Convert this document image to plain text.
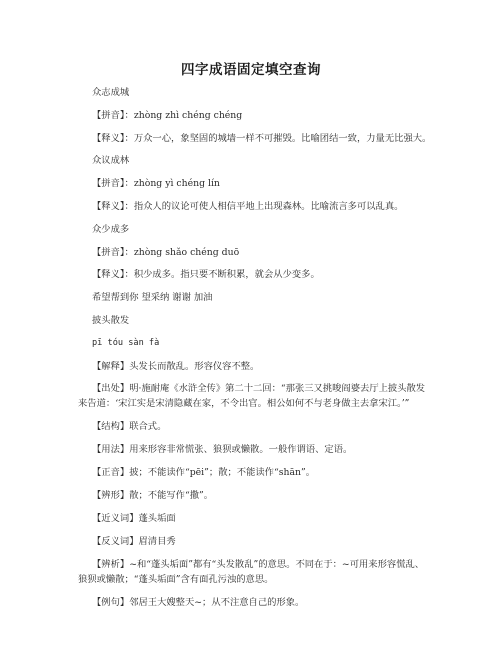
四字成语固定填空查询
众志成城
【拼音】：zhòng zhì chéng chéng
【释义】：万众一心，象坚固的城墙一样不可摧毁。比喻团结一致，力量无比强大。
众议成林
【拼音】：zhòng yì chéng lín
【释义】：指众人的议论可使人相信平地上出现森林。比喻流言多可以乱真。
众少成多
【拼音】：zhòng shǎo chéng duō
【释义】：积少成多。指只要不断积累，就会从少变多。
希望帮到你 望采纳 谢谢 加油
披头散发
pī tóu sàn fà
【解释】头发长而散乱。形容仪容不整。
【出处】明·施耐庵《水浒全传》第二十二回：“那张三又挑唆阎婆去厅上披头散发
来告道：‘宋江实是宋清隐藏在家，不令出官。相公如何不与老身做主去拿宋江。’”
【结构】联合式。
【用法】用来形容非常慌张、狼狈或懒散。一般作谓语、定语。
【正音】披；不能读作“pēi”；散；不能读作“shān”。
【辨形】散；不能写作“撒”。
【近义词】蓬头垢面
【反义词】眉清目秀
【辨析】~和“蓬头垢面”都有“头发散乱”的意思。不同在于：~可用来形容慌乱、
狼狈或懒散；“蓬头垢面”含有面孔污浊的意思。
【例句】邻居王大嫂整天~；从不注意自己的形象。
